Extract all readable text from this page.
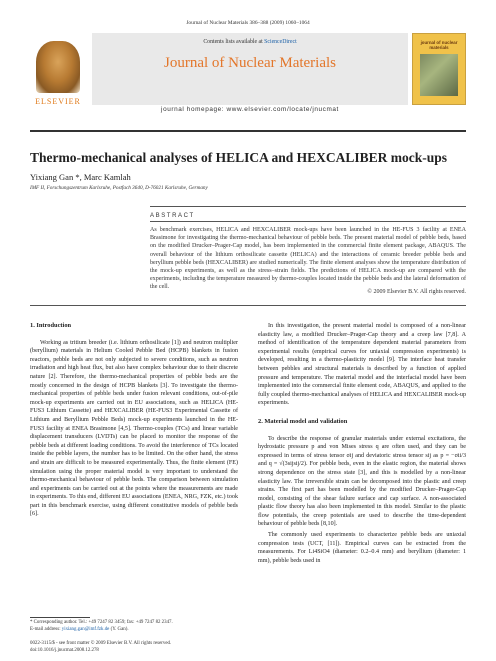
Journal of Nuclear Materials 386–388 (2009) 1060–1064
ELSEVIER
Contents lists available at ScienceDirect
Journal of Nuclear Materials
journal of nuclear materials
journal homepage: www.elsevier.com/locate/jnucmat
Thermo-mechanical analyses of HELICA and HEXCALIBER mock-ups
Yixiang Gan *, Marc Kamlah
IMF II, Forschungszentrum Karlsruhe, Postfach 3640, D-76021 Karlsruhe, Germany
ABSTRACT

As benchmark exercises, HELICA and HEXCALIBER mock-ups have been launched in the HE-FUS 3 facility at ENEA Brasimone for investigating the thermo-mechanical behaviour of pebble beds. The present material model of pebble beds, based on the modified Drucker–Prager-Cap model, has been implemented in the commercial finite element package, ABAQUS. The overall behaviour of the lithium orthosilicate cassette (HELICA) and the interactions of ceramic breeder pebble beds and beryllium pebble beds (HEXCALIBER) are studied numerically. The finite element analyses show the temperature distribution of the mock-up experiments, as well as the stress–strain fields. The predictions of HELICA mock-up are compared with the experiments, including the temperature measured by thermo-couples located inside the pebble beds and the lateral deformation of the cell.

© 2009 Elsevier B.V. All rights reserved.
1. Introduction

Working as tritium breeder (i.e. lithium orthosilicate [1]) and neutron multiplier (beryllium) materials in Helium Cooled Pebble Bed (HCPB) blankets in fusion reactors, pebble beds are not only subjected to severe conditions, such as neutron irradiation and high heat flux, but also have complex behaviour due to their discrete nature [2]. Therefore, the thermo-mechanical properties of pebble beds are the mostly concerned in the design of HCPB blankets [3]. To investigate the thermo-mechanical properties of pebble beds under fusion relevant conditions, out-of-pile mock-up experiments are carried out in EU associations, such as HELICA (HE-FUS3 Lithium Cassette) and HEXCALIBER (HE-FUS3 Experimental Cassette of Lithium and Beryllium Pebble Beds) mock-up experiments launched in the HE-FUS3 facility at ENEA Brasimone [4,5]. Thermo-couples (TCs) and linear variable displacement transducers (LVDTs) can be placed to monitor the response of the pebble beds at different loading conditions. To avoid the interference of TCs located inside the pebble layers, the number has to be limited. On the other hand, the stress and strain are difficult to be measured experimentally. Thus, the finite element (FE) simulation using the proper material model is very important to understand the thermo-mechanical behaviour of pebble beds. The comparison between simulation and experiments can be carried out at the points where the measurements are made in experiments. To this end, different EU associations (ENEA, NRG, FZK, etc.) took part in this benchmark exercise, using different constitutive models of pebble beds [6].

In this investigation, the present material model is composed of a non-linear elasticity law, a modified Drucker–Prager-Cap theory and a creep law [7,8]. A method of identification of the temperature dependent material parameters from experimental results (empirical curves for uniaxial compression experiments) is developed, resulting in a thermo-plasticity model [9]. The interface heat transfer between pebbles and structural materials is described by a function of applied pressure and temperature. The material model and the interfacial model have been implemented into the commercial finite element code, ABAQUS, and applied to the fully coupled thermo-mechanical analyses of HELICA and HEXCALIBER mock-up experiments.

2. Material model and validation

To describe the response of granular materials under external excitations, the hydrostatic pressure p and von Mises stress q are often used, and they can be expressed in terms of stress tensor σij and deviatoric stress tensor sij as p = −σii/3 and q = √(3sijsij/2). For pebble beds, even in the elastic region, the material shows strong dependence on the stress state [3], and this is modelled by a non-linear elasticity law. The irreversible strain can be decomposed into the plastic and creep strains. The first part has been modelled by the modified Drucker–Prager-Cap model, consisting of the shear failure surface and cap surface. A non-associated plastic flow theory has also been implemented in this model. Similar to the plastic flow potentials, the creep potentials are used to describe the time-dependent behaviour of pebble beds [8,10].

The commonly used experiments to characterize pebble beds are uniaxial compression tests (UCT, [11]). Empirical curves can be extracted from the measurements. For Li4SiO4 (diameter: 0.2–0.4 mm) and beryllium (diameter: 1 mm), pebble beds used in

* Corresponding author. Tel.: +49 7247 82 3459; fax: +49 7247 82 2347.
E-mail address: yixiang.gan@imf.fzk.de (Y. Gan).
0022-3115/$ - see front matter © 2009 Elsevier B.V. All rights reserved.
doi:10.1016/j.jnucmat.2008.12.278
